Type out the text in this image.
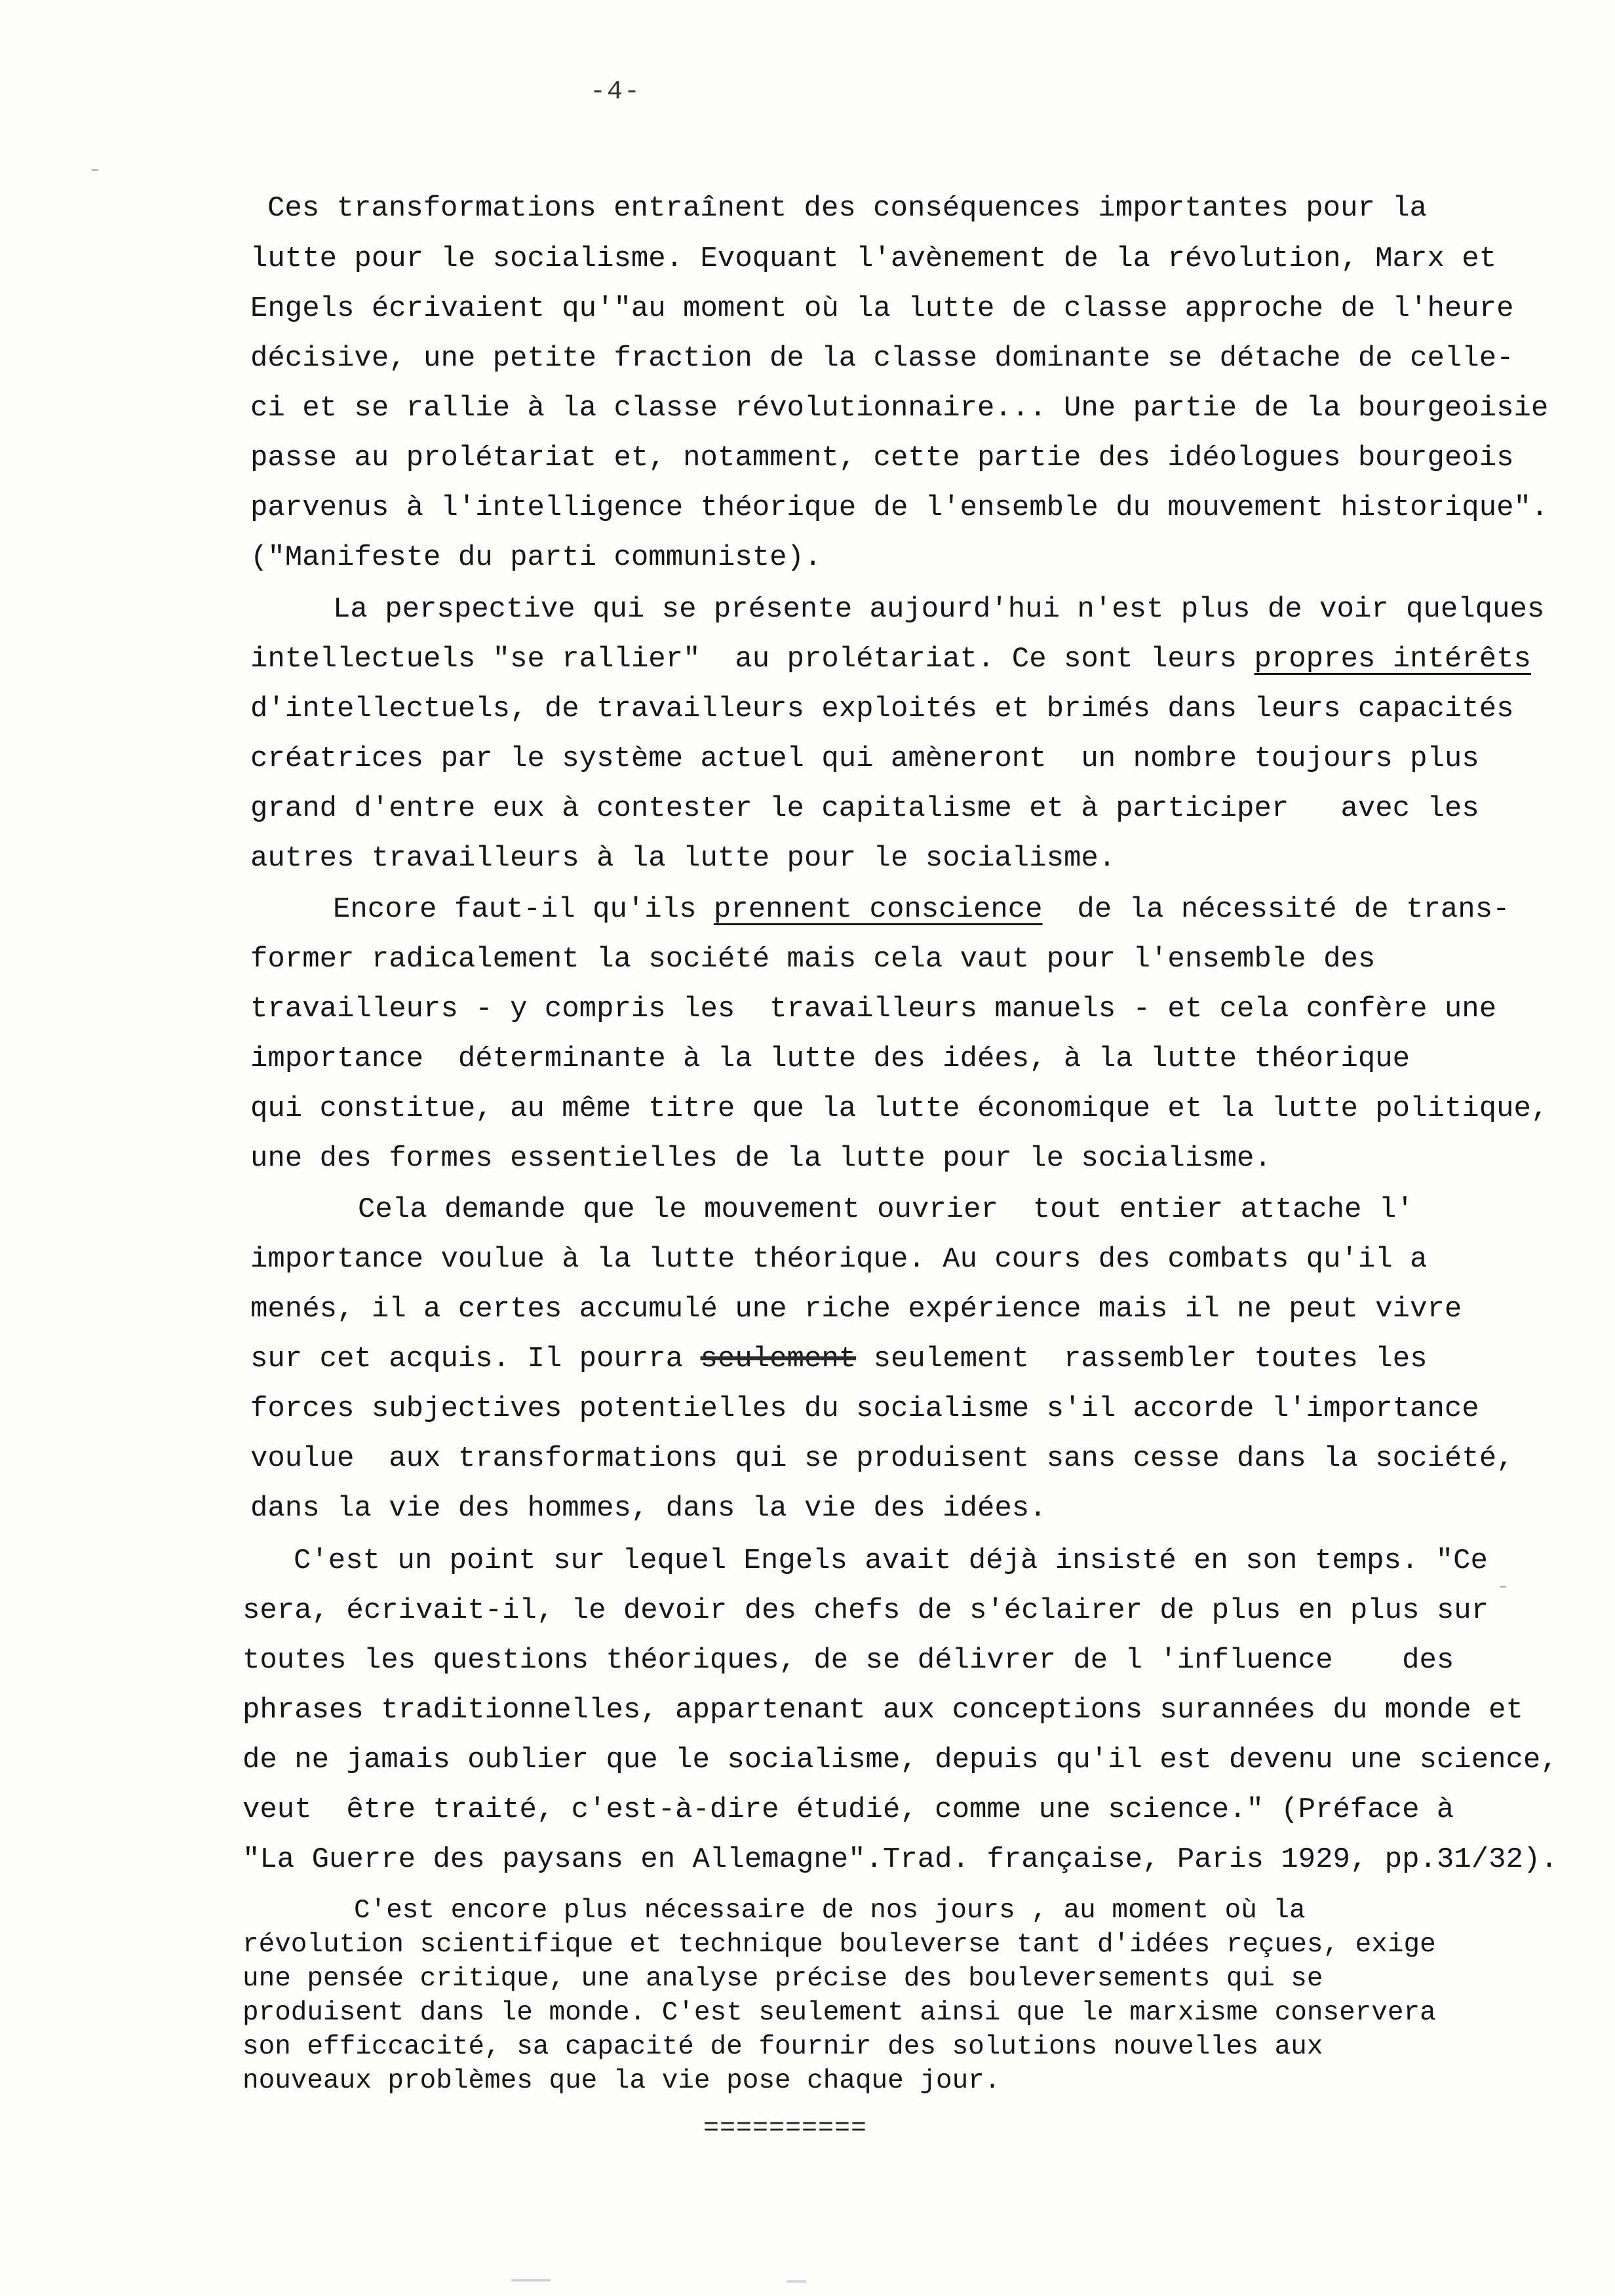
-4-
Ces transformations entraînent des conséquences importantes pour la
lutte pour le socialisme. Evoquant l'avènement de la révolution, Marx et
Engels écrivaient qu'"au moment où la lutte de classe approche de l'heure
décisive, une petite fraction de la classe dominante se détache de celle-
ci et se rallie à la classe révolutionnaire... Une partie de la bourgeoisie
passe au prolétariat et, notamment, cette partie des idéologues bourgeois
parvenus à l'intelligence théorique de l'ensemble du mouvement historique".
("Manifeste du parti communiste).
La perspective qui se présente aujourd'hui n'est plus de voir quelques
intellectuels "se rallier"  au prolétariat. Ce sont leurs propres intérêts
d'intellectuels, de travailleurs exploités et brimés dans leurs capacités
créatrices par le système actuel qui amèneront  un nombre toujours plus
grand d'entre eux à contester le capitalisme et à participer   avec les
autres travailleurs à la lutte pour le socialisme.
Encore faut-il qu'ils prennent conscience de la nécessité de trans-
former radicalement la société mais cela vaut pour l'ensemble des
travailleurs - y compris les  travailleurs manuels - et cela confère une
importance  déterminante à la lutte des idées, à la lutte théorique
qui constitue, au même titre que la lutte économique et la lutte politique,
une des formes essentielles de la lutte pour le socialisme.
Cela demande que le mouvement ouvrier  tout entier attache l'
importance voulue à la lutte théorique. Au cours des combats qu'il a
menés, il a certes accumulé une riche expérience mais il ne peut vivre
sur cet acquis. Il pourra seulement seulement  rassembler toutes les
forces subjectives potentielles du socialisme s'il accorde l'importance
voulue  aux transformations qui se produisent sans cesse dans la société,
dans la vie des hommes, dans la vie des idées.
C'est un point sur lequel Engels avait déjà insisté en son temps. "Ce
sera, écrivait-il, le devoir des chefs de s'éclairer de plus en plus sur
toutes les questions théoriques, de se délivrer de l 'influence    des
phrases traditionnelles, appartenant aux conceptions surannées du monde et
de ne jamais oublier que le socialisme, depuis qu'il est devenu une science,
veut  être traité, c'est-à-dire étudié, comme une science." (Préface à
"La Guerre des paysans en Allemagne".Trad. française, Paris 1929, pp.31/32).
C'est encore plus nécessaire de nos jours , au moment où la
révolution scientifique et technique bouleverse tant d'idées reçues, exige
une pensée critique, une analyse précise des bouleversements qui se
produisent dans le monde. C'est seulement ainsi que le marxisme conservera
son efficcacité, sa capacité de fournir des solutions nouvelles aux
nouveaux problèmes que la vie pose chaque jour.
==========
